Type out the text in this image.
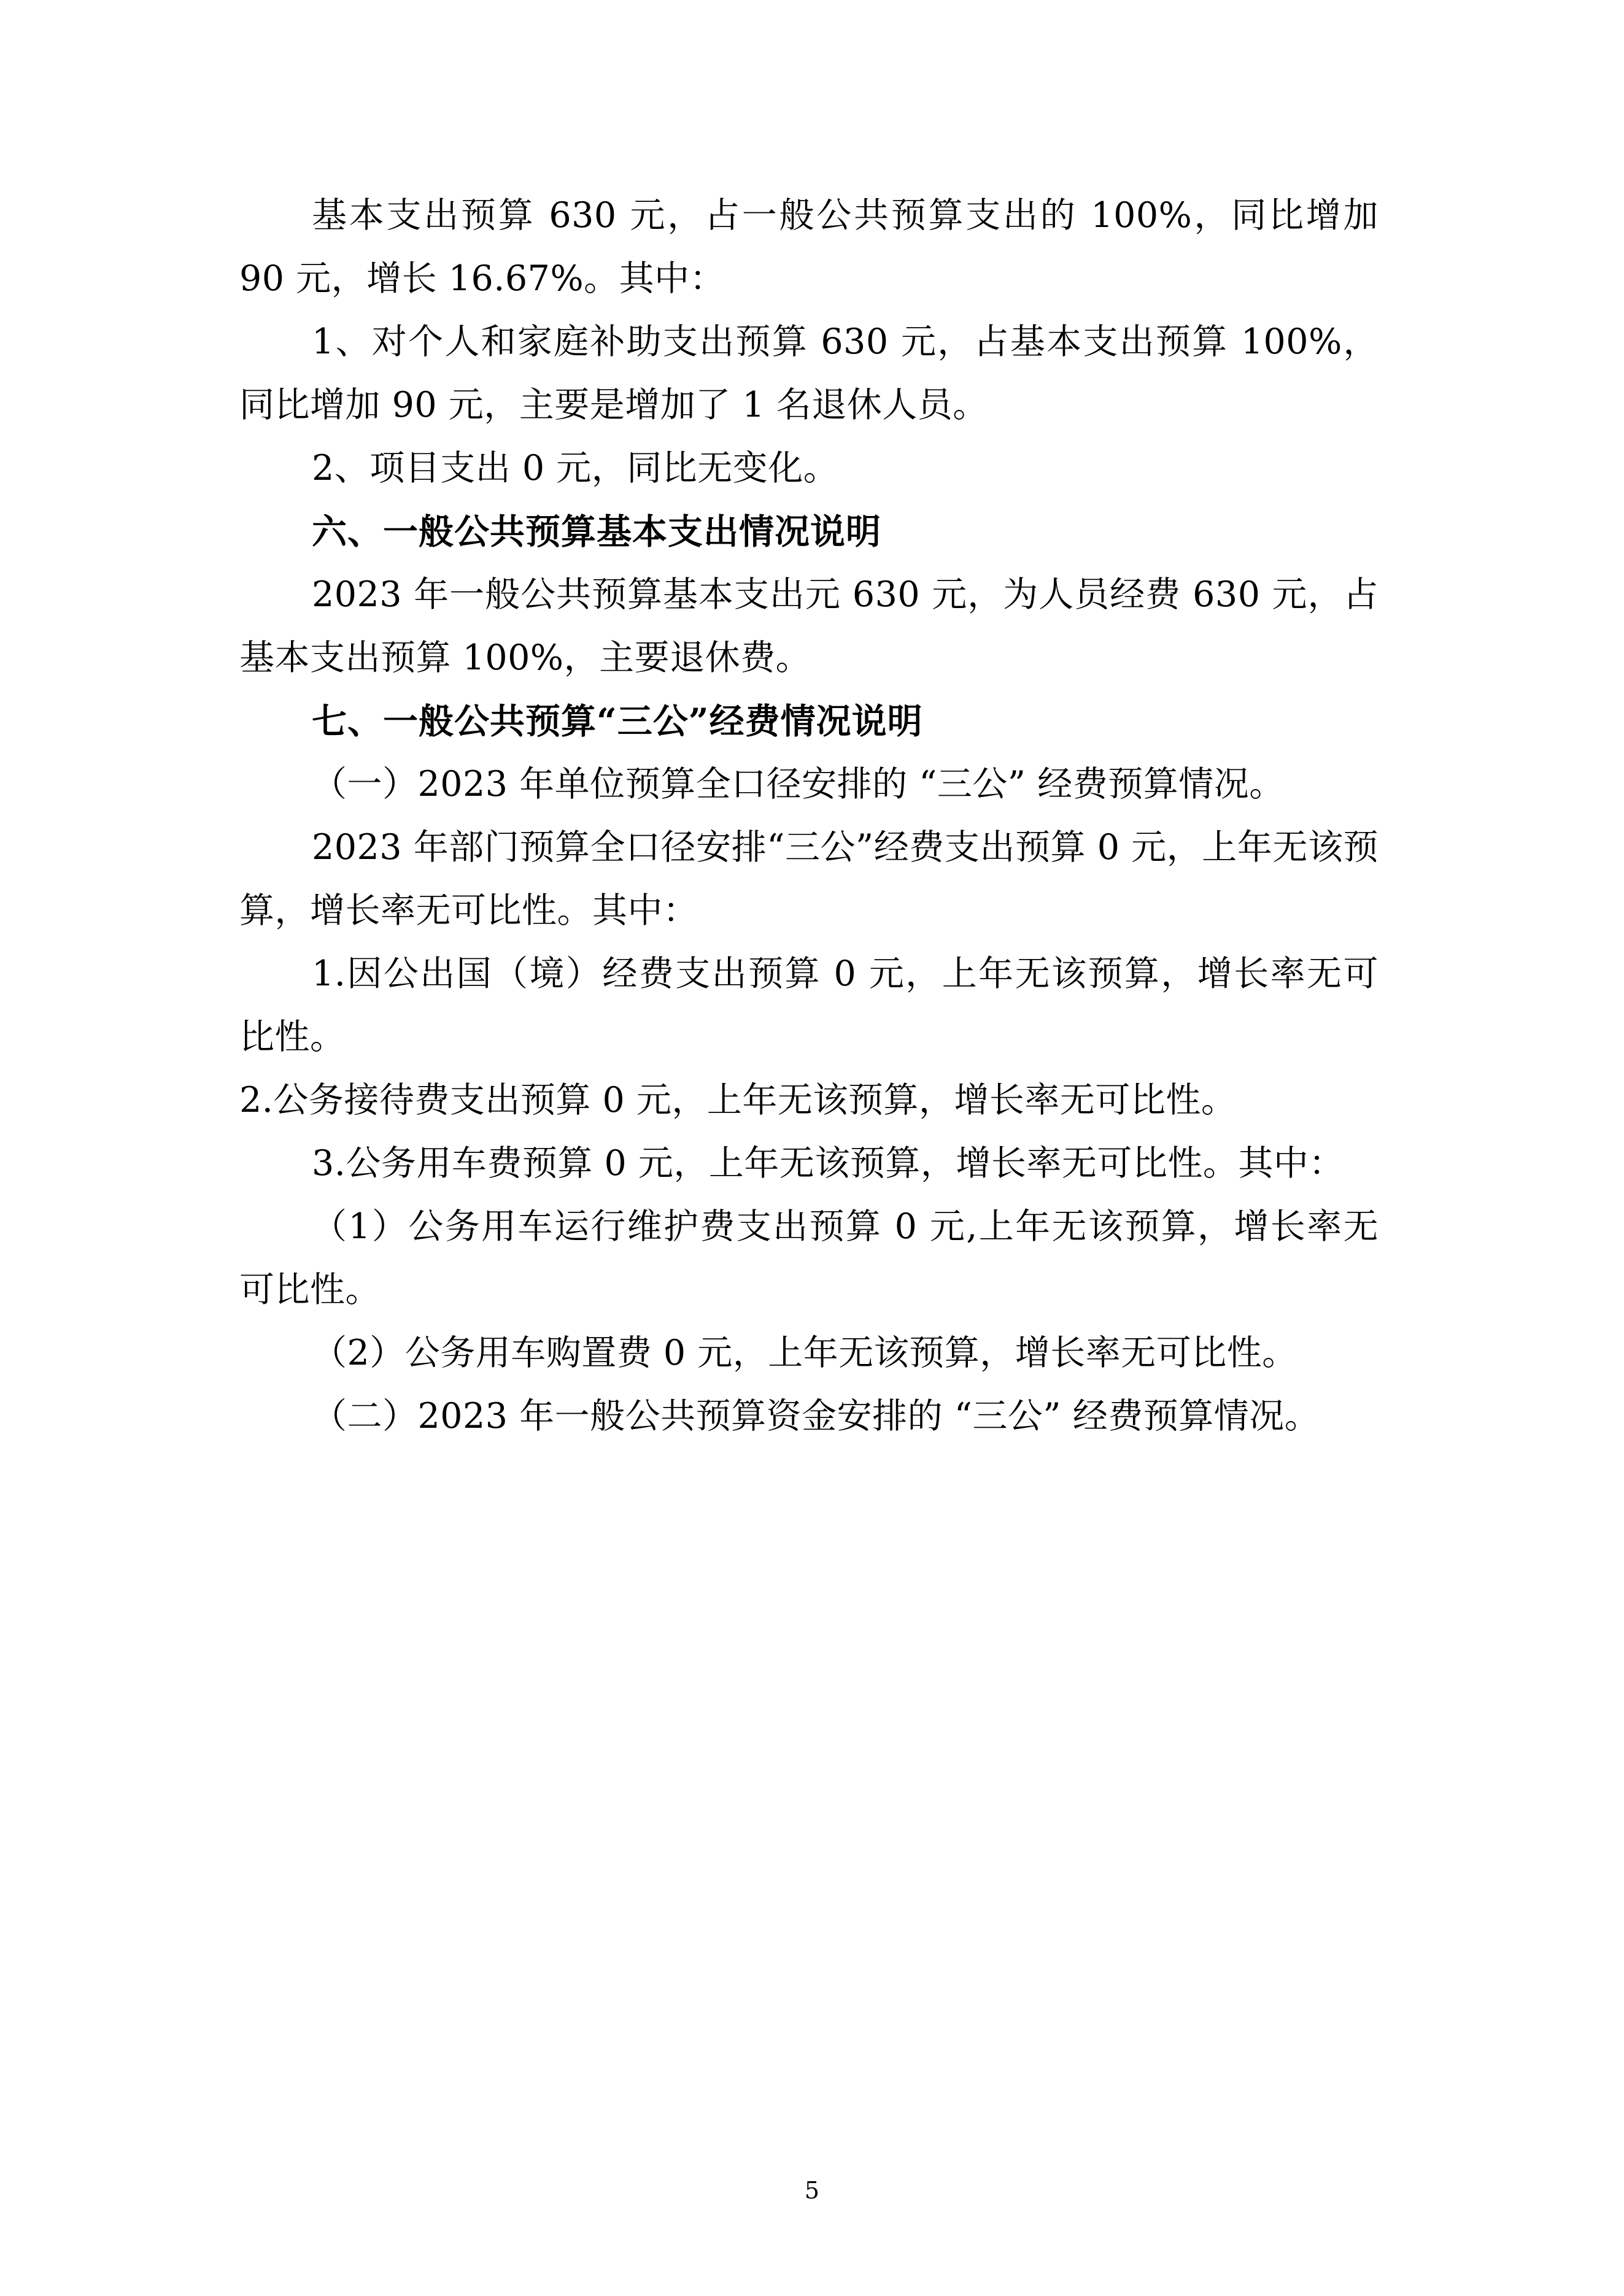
基本支出预算 630 元，占一般公共预算支出的 100%，同比增加 90 元，增长 16.67%。其中：

1、对个人和家庭补助支出预算 630 元，占基本支出预算 100%，同比增加 90 元，主要是增加了 1 名退休人员。

2、项目支出 0 元，同比无变化。

六、一般公共预算基本支出情况说明

2023 年一般公共预算基本支出元 630 元，为人员经费 630 元，占基本支出预算 100%，主要退休费。

七、一般公共预算“三公”经费情况说明

（一）2023 年单位预算全口径安排的 “三公” 经费预算情况。

2023 年部门预算全口径安排“三公”经费支出预算 0 元，上年无该预算，增长率无可比性。其中：

1.因公出国（境）经费支出预算 0 元，上年无该预算，增长率无可比性。

2.公务接待费支出预算 0 元，上年无该预算，增长率无可比性。

3.公务用车费预算 0 元，上年无该预算，增长率无可比性。其中：

（1）公务用车运行维护费支出预算 0 元,上年无该预算，增长率无可比性。

（2）公务用车购置费 0 元，上年无该预算，增长率无可比性。

（二）2023 年一般公共预算资金安排的 “三公” 经费预算情况。

5
